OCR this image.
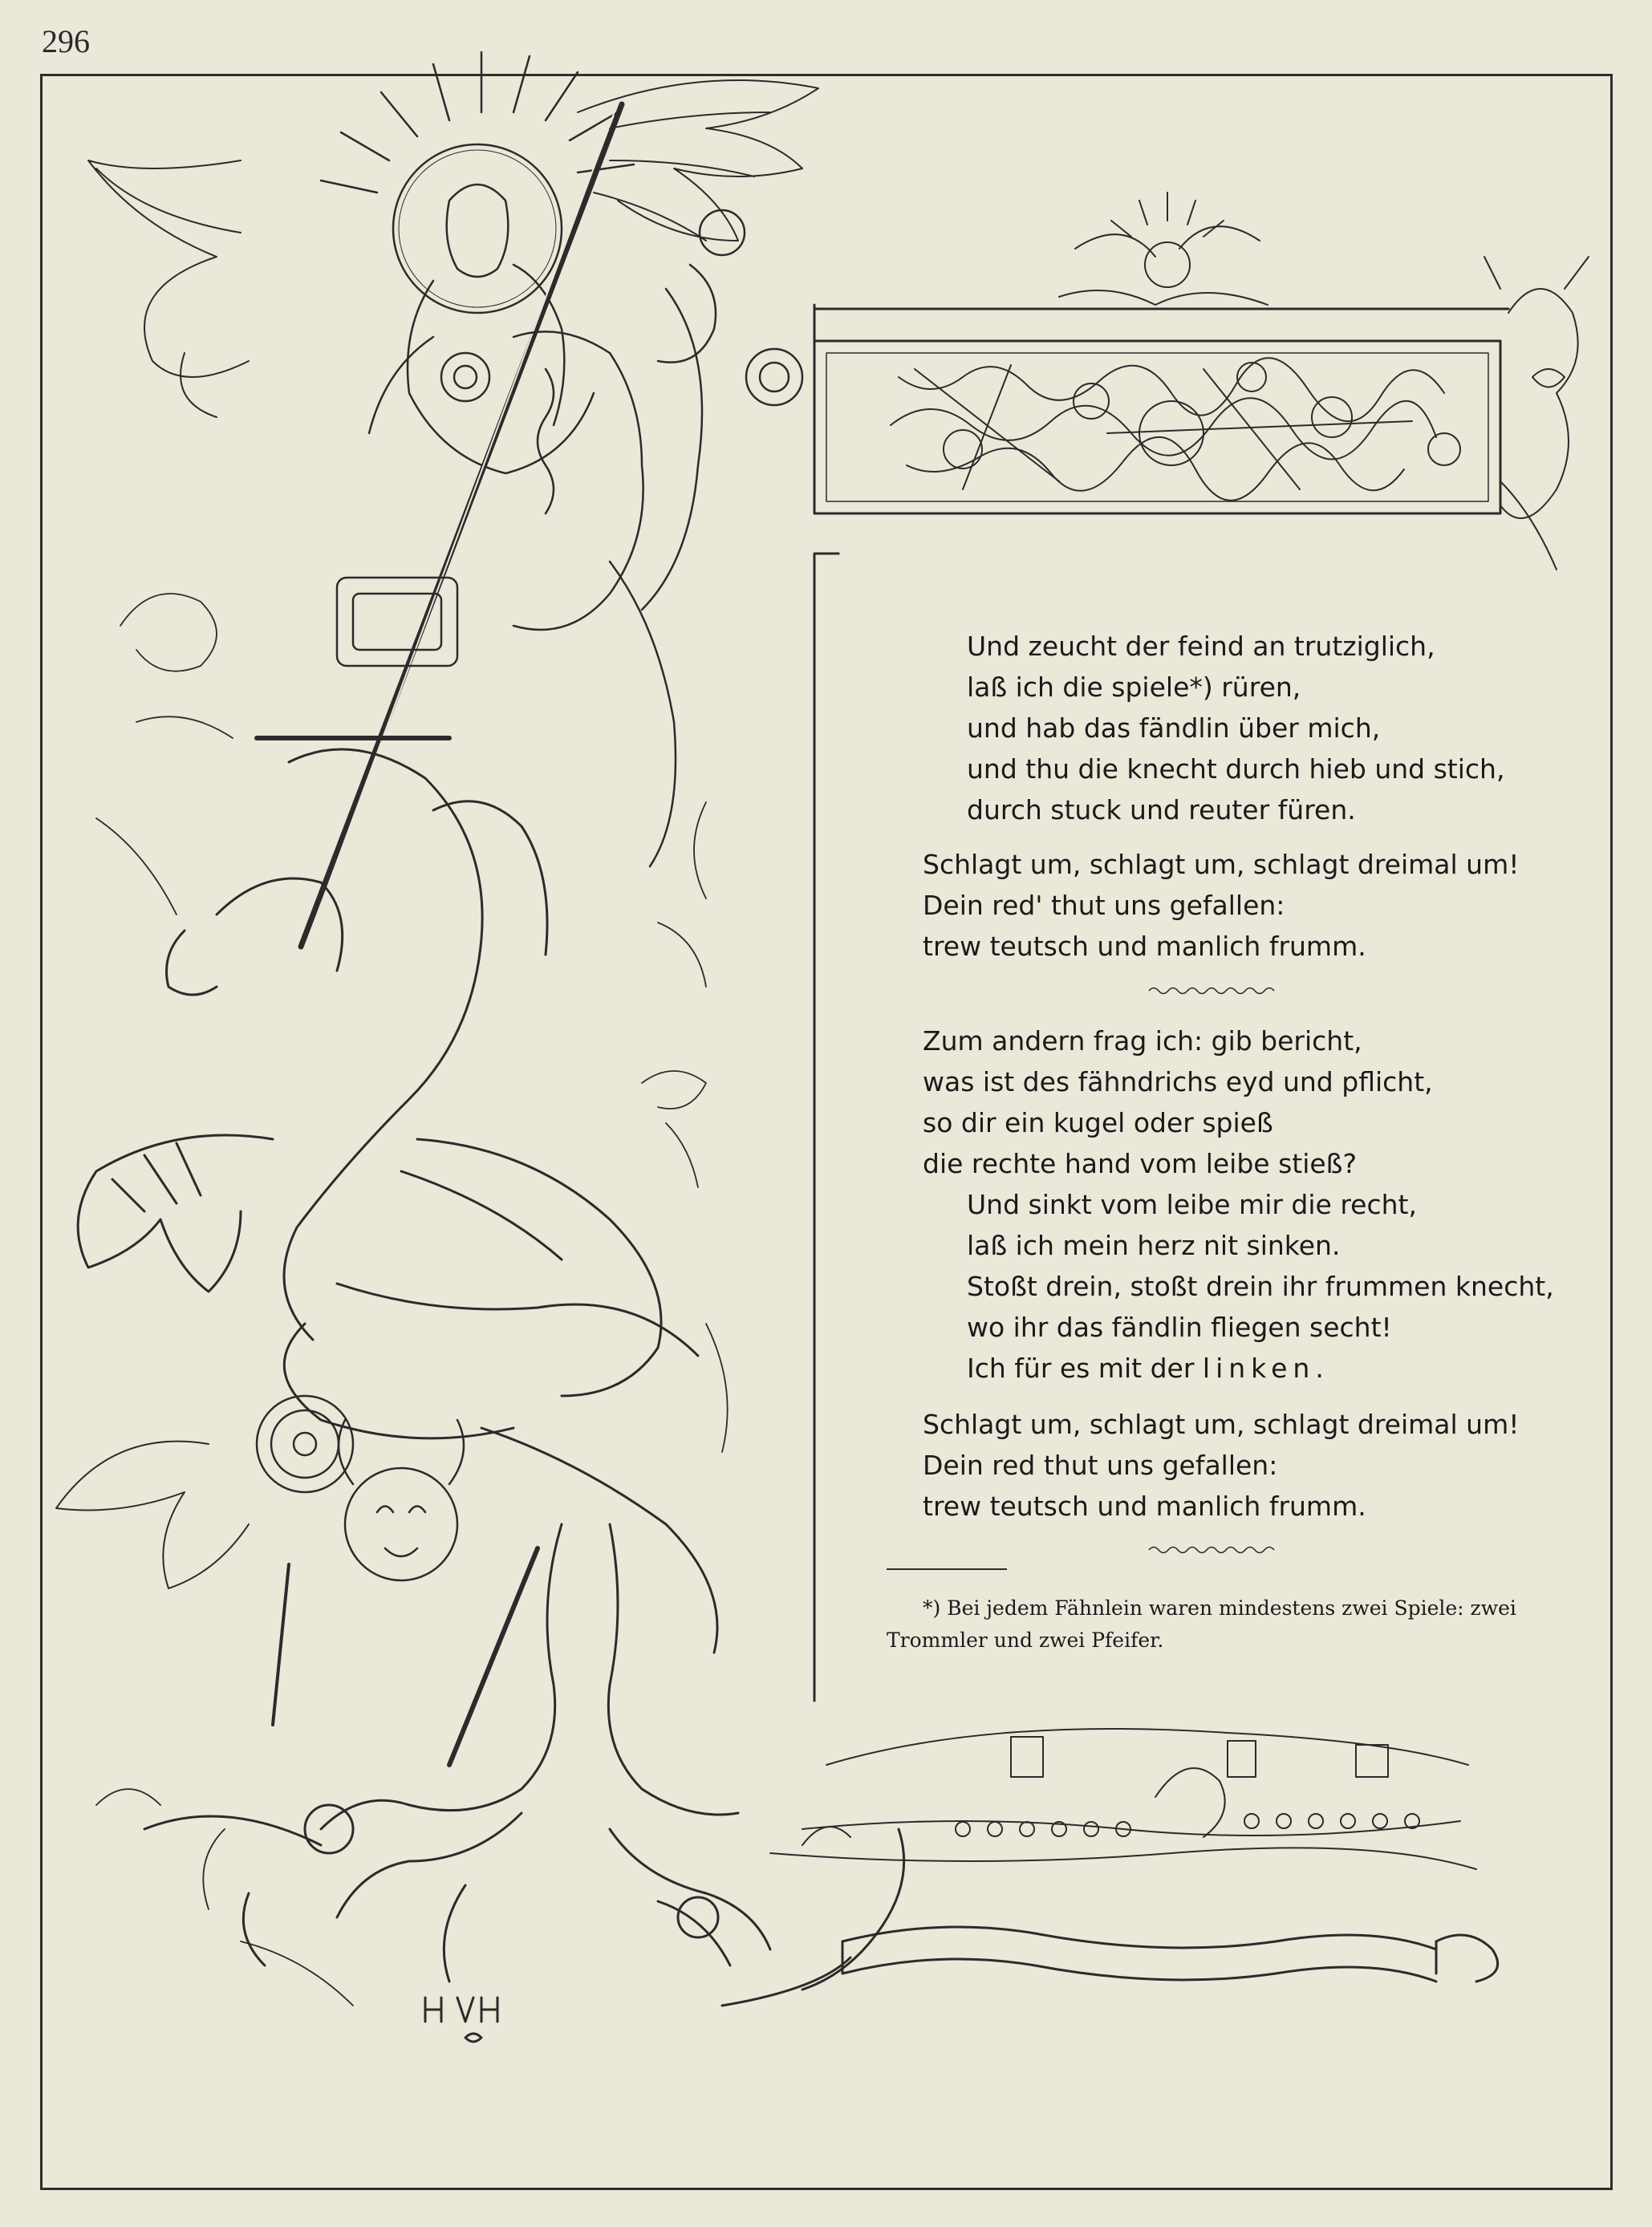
296
Und zeucht der feind an trutziglich,
laß ich die spiele*) rüren,
und hab das fändlin über mich,
und thu die knecht durch hieb und stich,
durch stuck und reuter füren.
Schlagt um, schlagt um, schlagt dreimal um!
Dein red' thut uns gefallen:
trew teutsch und manlich frumm.
Zum andern frag ich: gib bericht,
was ist des fähndrichs eyd und pflicht,
so dir ein kugel oder spieß
die rechte hand vom leibe stieß?
Und sinkt vom leibe mir die recht,
laß ich mein herz nit sinken.
Stoßt drein, stoßt drein ihr frummen knecht,
wo ihr das fändlin fliegen secht!
Ich für es mit der linken.
Schlagt um, schlagt um, schlagt dreimal um!
Dein red thut uns gefallen:
trew teutsch und manlich frumm.
*) Bei jedem Fähnlein waren mindestens zwei Spiele: zwei
Trommler und zwei Pfeifer.
